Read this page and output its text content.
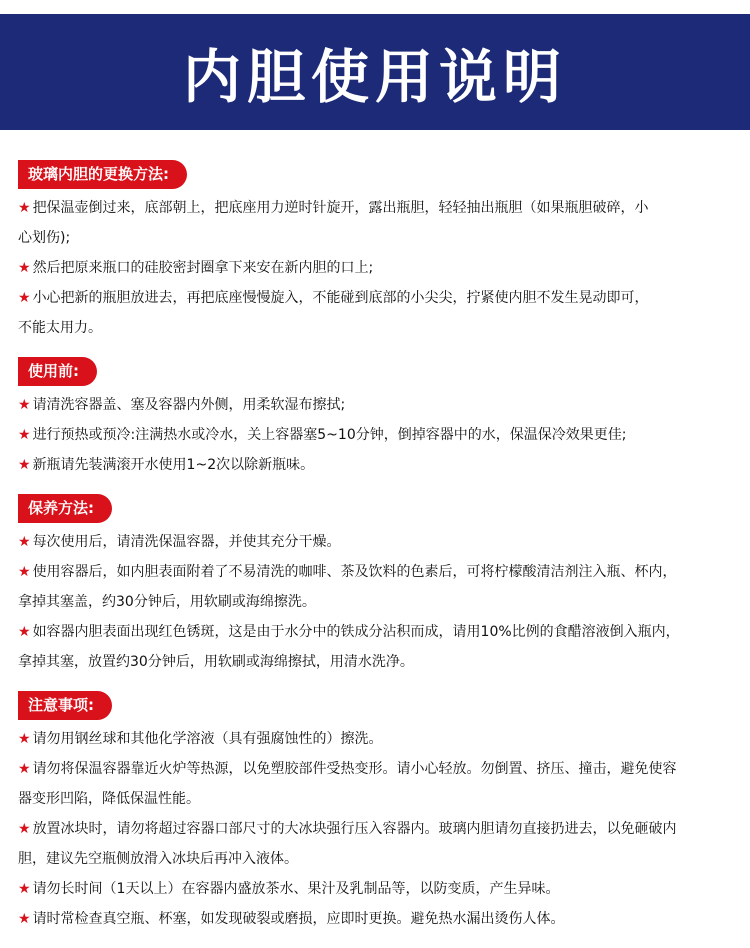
内胆使用说明
玻璃内胆的更换方法:

★ 把保温壶倒过来，底部朝上，把底座用力逆时针旋开，露出瓶胆，轻轻抽出瓶胆（如果瓶胆破碎，小

心划伤);

★ 然后把原来瓶口的硅胶密封圈拿下来安在新内胆的口上;

★ 小心把新的瓶胆放进去，再把底座慢慢旋入，不能碰到底部的小尖尖，拧紧使内胆不发生晃动即可，

不能太用力。

使用前:

★ 请清洗容器盖、塞及容器内外侧，用柔软湿布擦拭;

★ 进行预热或预冷:注满热水或冷水，关上容器塞5~10分钟，倒掉容器中的水，保温保冷效果更佳;

★ 新瓶请先装满滚开水使用1~2次以除新瓶味。

保养方法:

★ 每次使用后，请清洗保温容器，并使其充分干燥。

★ 使用容器后，如内胆表面附着了不易清洗的咖啡、茶及饮料的色素后，可将柠檬酸清洁剂注入瓶、杯内，

拿掉其塞盖，约30分钟后，用软刷或海绵擦洗。

★ 如容器内胆表面出现红色锈斑，这是由于水分中的铁成分沾积而成，请用10%比例的食醋溶液倒入瓶内，

拿掉其塞，放置约30分钟后，用软刷或海绵擦拭，用清水洗净。

注意事项:

★ 请勿用钢丝球和其他化学溶液（具有强腐蚀性的）擦洗。

★ 请勿将保温容器靠近火炉等热源，以免塑胶部件受热变形。请小心轻放。勿倒置、挤压、撞击，避免使容

器变形凹陷，降低保温性能。

★ 放置冰块时，请勿将超过容器口部尺寸的大冰块强行压入容器内。玻璃内胆请勿直接扔进去，以免砸破内

胆，建议先空瓶侧放滑入冰块后再冲入液体。

★ 请勿长时间（1天以上）在容器内盛放茶水、果汁及乳制品等，以防变质，产生异味。

★ 请时常检查真空瓶、杯塞，如发现破裂或磨损，应即时更换。避免热水漏出烫伤人体。
